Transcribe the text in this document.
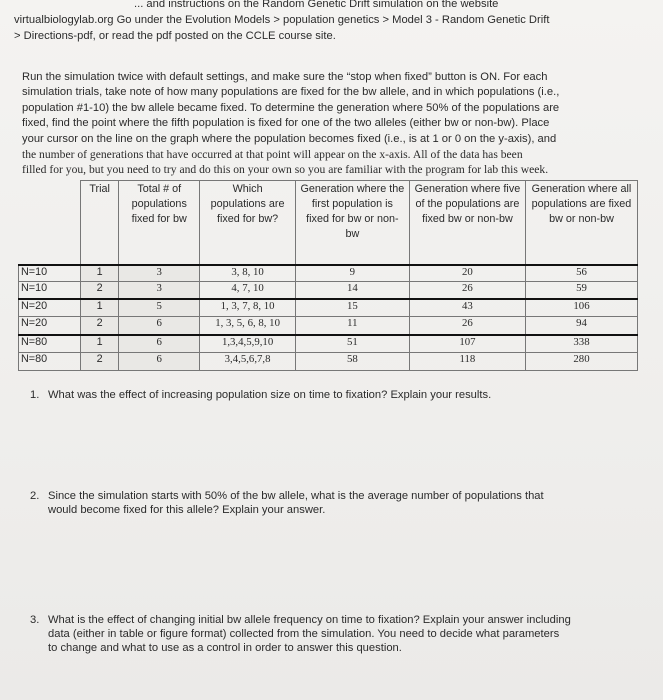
... and instructions on the Random Genetic Drift simulation on the website
virtualbiologylab.org Go under the Evolution Models > population genetics > Model 3 - Random Genetic Drift
> Directions-pdf, or read the pdf posted on the CCLE course site.
Run the simulation twice with default settings, and make sure the “stop when fixed” button is ON. For each
simulation trials, take note of how many populations are fixed for the bw allele, and in which populations (i.e.,
population #1-10) the bw allele became fixed. To determine the generation where 50% of the populations are
fixed, find the point where the fifth population is fixed for one of the two alleles (either bw or non-bw). Place
your cursor on the line on the graph where the population becomes fixed (i.e., is at 1 or 0 on the y-axis), and
the number of generations that have occurred at that point will appear on the x-axis. All of the data has been
filled for you, but you need to try and do this on your own so you are familiar with the program for lab this week.
	Trial	Total # of populations fixed for bw	Which populations are fixed for bw?	Generation where the first population is fixed for bw or non-bw	Generation where five of the populations are fixed bw or non-bw	Generation where all populations are fixed bw or non-bw
N=10	1	3	3, 8, 10	9	20	56
N=10	2	3	4, 7, 10	14	26	59
N=20	1	5	1, 3, 7, 8, 10	15	43	106
N=20	2	6	1, 3, 5, 6, 8, 10	11	26	94
N=80	1	6	1,3,4,5,9,10	51	107	338
N=80	2	6	3,4,5,6,7,8	58	118	280
1. What was the effect of increasing population size on time to fixation? Explain your results.
2. Since the simulation starts with 50% of the bw allele, what is the average number of populations that
would become fixed for this allele? Explain your answer.
3. What is the effect of changing initial bw allele frequency on time to fixation? Explain your answer including
data (either in table or figure format) collected from the simulation. You need to decide what parameters
to change and what to use as a control in order to answer this question.
